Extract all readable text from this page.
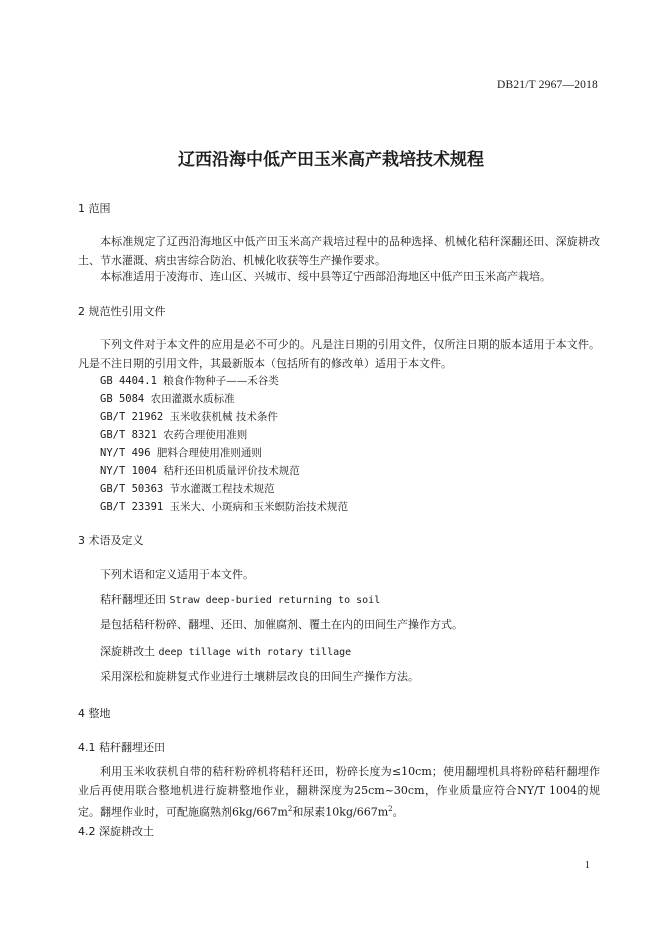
DB21/T 2967—2018
辽西沿海中低产田玉米高产栽培技术规程
1 范围
本标准规定了辽西沿海地区中低产田玉米高产栽培过程中的品种选择、机械化秸秆深翻还田、深旋耕改土、节水灌溉、病虫害综合防治、机械化收获等生产操作要求。
本标准适用于凌海市、连山区、兴城市、绥中县等辽宁西部沿海地区中低产田玉米高产栽培。
2 规范性引用文件
下列文件对于本文件的应用是必不可少的。凡是注日期的引用文件，仅所注日期的版本适用于本文件。凡是不注日期的引用文件，其最新版本（包括所有的修改单）适用于本文件。
GB 4404.1 粮食作物种子——禾谷类
GB 5084 农田灌溉水质标准
GB/T 21962 玉米收获机械 技术条件
GB/T 8321 农药合理使用准则
NY/T 496 肥料合理使用准则通则
NY/T 1004 秸秆还田机质量评价技术规范
GB/T 50363 节水灌溉工程技术规范
GB/T 23391 玉米大、小斑病和玉米螟防治技术规范
3 术语及定义
下列术语和定义适用于本文件。
秸秆翻埋还田 Straw deep-buried returning to soil
是包括秸秆粉碎、翻埋、还田、加催腐剂、覆土在内的田间生产操作方式。
深旋耕改土 deep tillage with rotary tillage
采用深松和旋耕复式作业进行土壤耕层改良的田间生产操作方法。
4 整地
4.1 秸秆翻埋还田
利用玉米收获机自带的秸秆粉碎机将秸秆还田，粉碎长度为≤10cm；使用翻埋机具将粉碎秸秆翻埋作业后再使用联合整地机进行旋耕整地作业，翻耕深度为25cm~30cm，作业质量应符合NY/T 1004的规定。翻埋作业时，可配施腐熟剂$6kg/667m^2$和尿素$10kg/667m^2$。
4.2 深旋耕改土
1
